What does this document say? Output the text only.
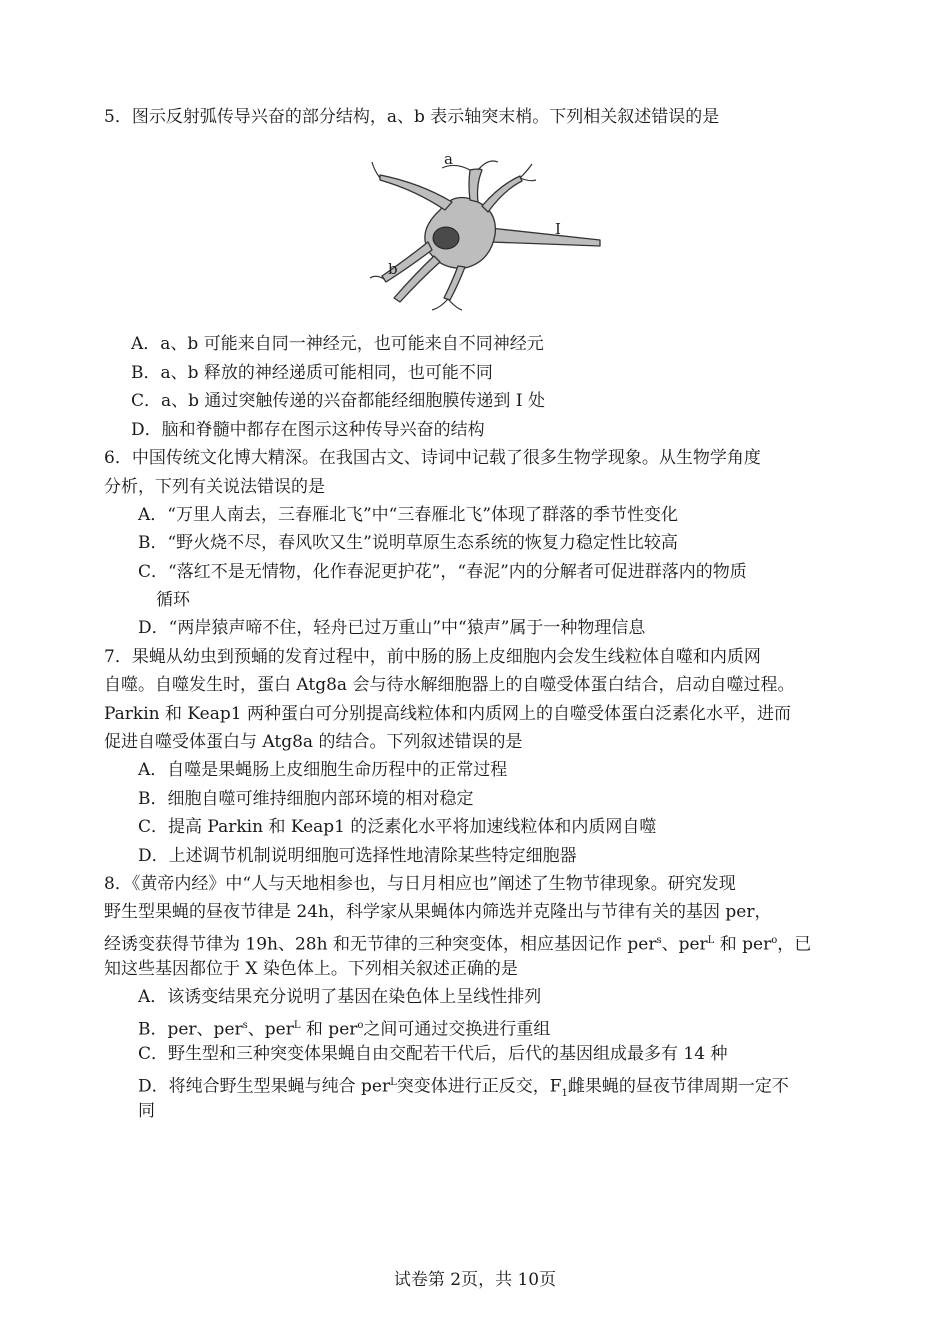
5．图示反射弧传导兴奋的部分结构，a、b 表示轴突末梢。下列相关叙述错误的是
a
b
I
A．a、b 可能来自同一神经元，也可能来自不同神经元
B．a、b 释放的神经递质可能相同，也可能不同
C．a、b 通过突触传递的兴奋都能经细胞膜传递到 Ⅰ 处
D．脑和脊髓中都存在图示这种传导兴奋的结构
6．中国传统文化博大精深。在我国古文、诗词中记载了很多生物学现象。从生物学角度
分析，下列有关说法错误的是
A．“万里人南去，三春雁北飞”中“三春雁北飞”体现了群落的季节性变化
B．“野火烧不尽，春风吹又生”说明草原生态系统的恢复力稳定性比较高
C．“落红不是无情物，化作春泥更护花”，“春泥”内的分解者可促进群落内的物质
循环
D．“两岸猿声啼不住，轻舟已过万重山”中“猿声”属于一种物理信息
7．果蝇从幼虫到预蛹的发育过程中，前中肠的肠上皮细胞内会发生线粒体自噬和内质网
自噬。自噬发生时，蛋白 Atg8a 会与待水解细胞器上的自噬受体蛋白结合，启动自噬过程。
Parkin 和 Keap1 两种蛋白可分别提高线粒体和内质网上的自噬受体蛋白泛素化水平，进而
促进自噬受体蛋白与 Atg8a 的结合。下列叙述错误的是
A．自噬是果蝇肠上皮细胞生命历程中的正常过程
B．细胞自噬可维持细胞内部环境的相对稳定
C．提高 Parkin 和 Keap1 的泛素化水平将加速线粒体和内质网自噬
D．上述调节机制说明细胞可选择性地清除某些特定细胞器
8．《黄帝内经》中“人与天地相参也，与日月相应也”阐述了生物节律现象。研究发现
野生型果蝇的昼夜节律是 24h，科学家从果蝇体内筛选并克隆出与节律有关的基因 per，
经诱变获得节律为 19h、28h 和无节律的三种突变体，相应基因记作 per$^s$、per$^L$ 和 per$^o$，已
知这些基因都位于 X 染色体上。下列相关叙述正确的是
A．该诱变结果充分说明了基因在染色体上呈线性排列
B．per、per$^s$、per$^L$ 和 per$^o$之间可通过交换进行重组
C．野生型和三种突变体果蝇自由交配若干代后，后代的基因组成最多有 14 种
D．将纯合野生型果蝇与纯合 per$^L$突变体进行正反交，$F_1$雌果蝇的昼夜节律周期一定不
同
试卷第 2页，共 10页
